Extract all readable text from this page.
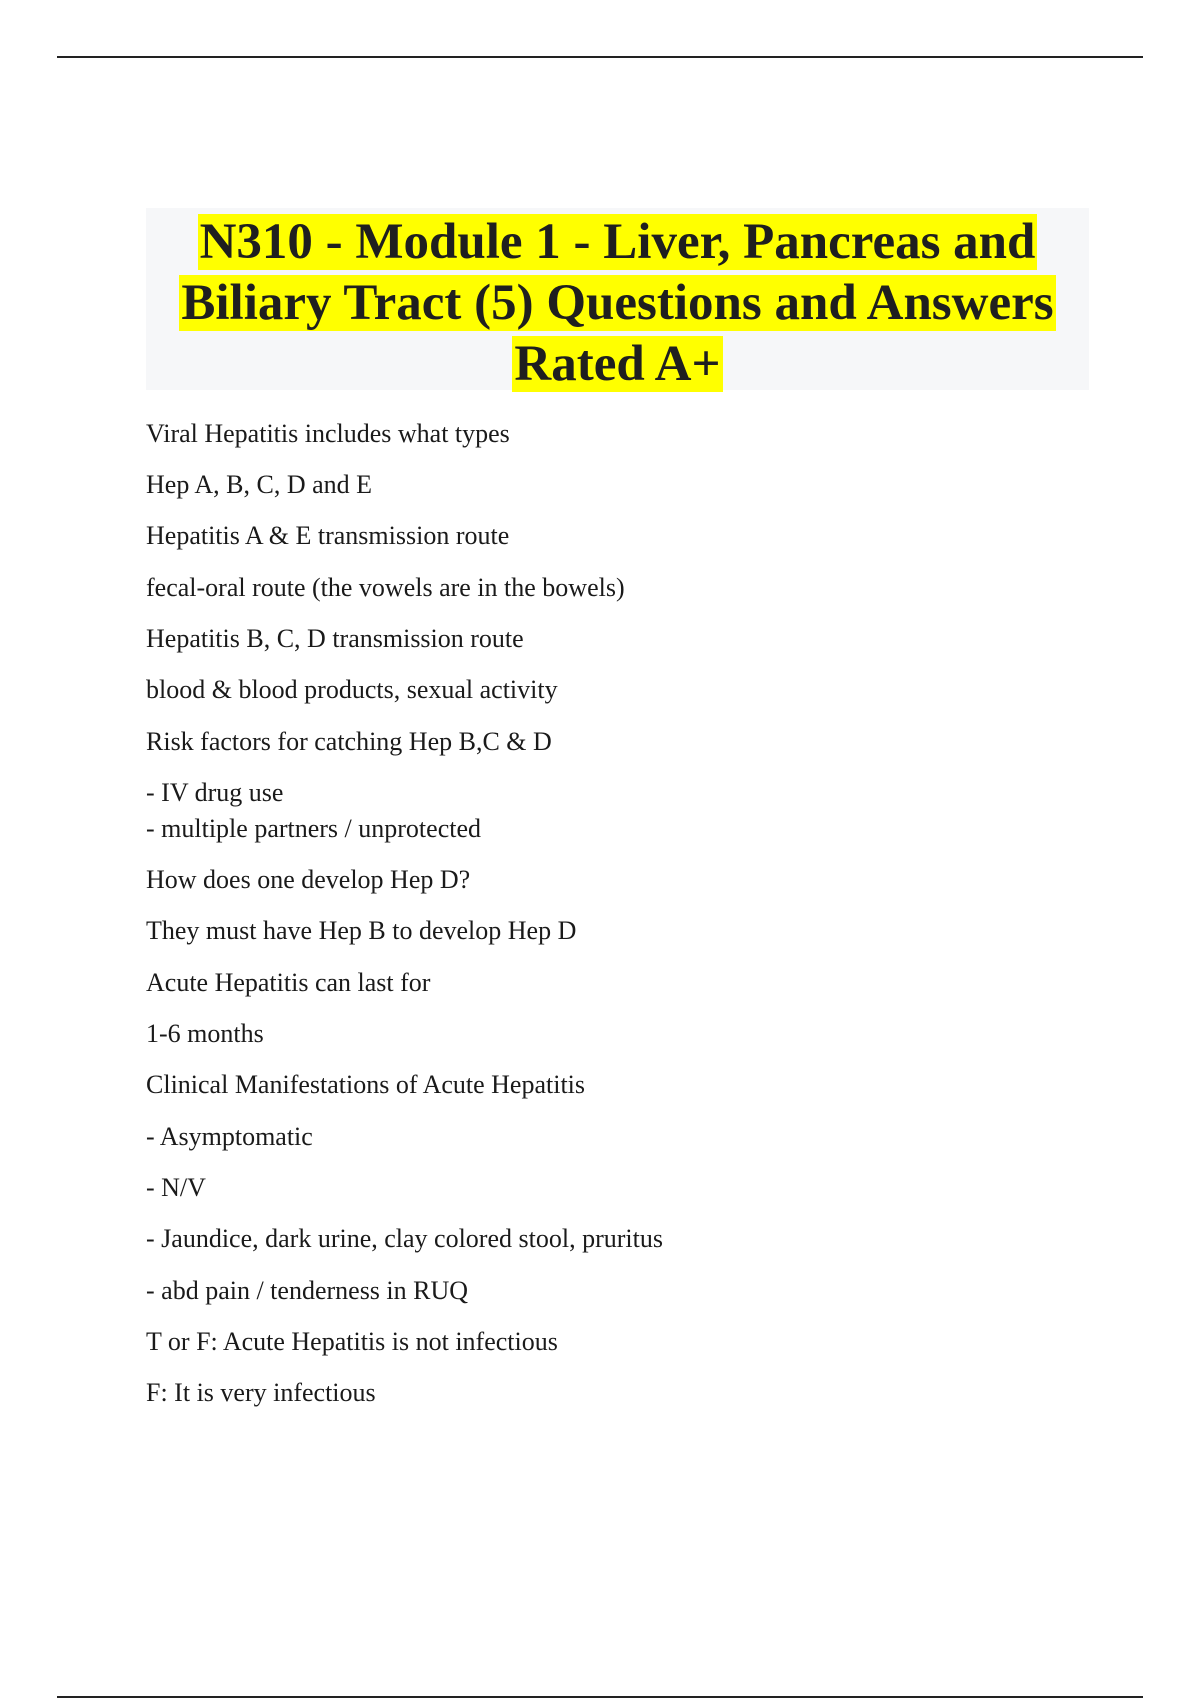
N310 - Module 1 - Liver, Pancreas and
Biliary Tract (5) Questions and Answers
Rated A+
Viral Hepatitis includes what types
Hep A, B, C, D and E
Hepatitis A & E transmission route
fecal-oral route (the vowels are in the bowels)
Hepatitis B, C, D transmission route
blood & blood products, sexual activity
Risk factors for catching Hep B,C & D
- IV drug use
- multiple partners / unprotected
How does one develop Hep D?
They must have Hep B to develop Hep D
Acute Hepatitis can last for
1-6 months
Clinical Manifestations of Acute Hepatitis
- Asymptomatic
- N/V
- Jaundice, dark urine, clay colored stool, pruritus
- abd pain / tenderness in RUQ
T or F: Acute Hepatitis is not infectious
F: It is very infectious
